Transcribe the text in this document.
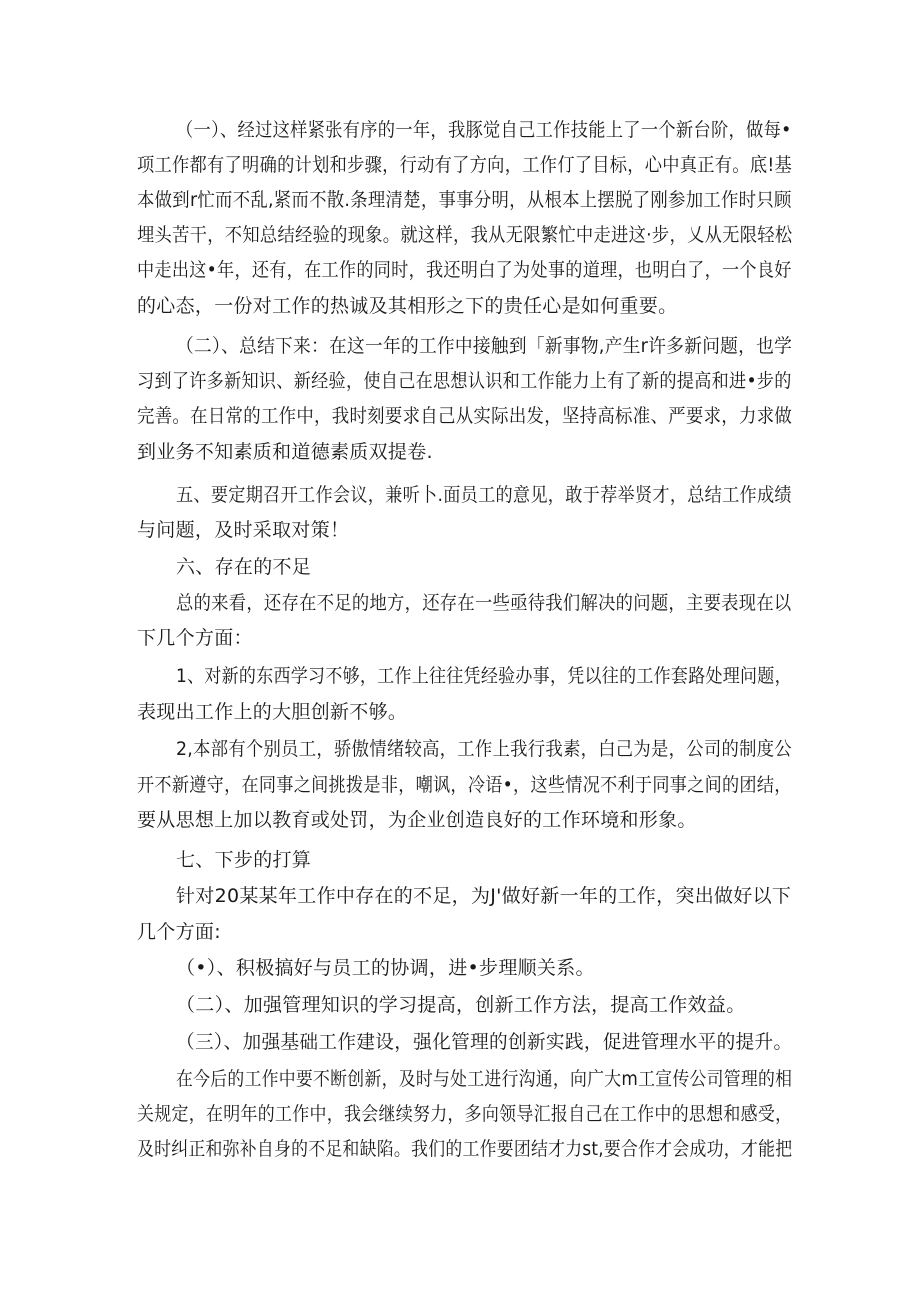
（一）、经过这样紧张有序的一年，我豚觉自己工作技能上了一个新台阶，做每•
项工作都有了明确的计划和步骤，行动有了方向，工作仃了目标，心中真正有。底!基
本做到r忙而不乱,紧而不散.条理清楚，事事分明，从根本上摆脱了刚参加工作时只顾
埋头苦干，不知总结经验的现象。就这样，我从无限繁忙中走进这·步，乂从无限轻松
中走出这•年，还有，在工作的同时，我还明白了为处事的道理，也明白了，一个良好
的心态，一份对工作的热诚及其相形之下的贵任心是如何重要。
（二）、总结下来：在这一年的工作中接触到「新事物,产生r许多新问题，也学
习到了许多新知识、新经验，使自己在思想认识和工作能力上有了新的提高和进•步的
完善。在日常的工作中，我时刻要求自己从实际出发，坚持高标准、严要求，力求做
到业务不知素质和道德素质双提卷.
五、要定期召开工作会议，兼听卜.面员工的意见，敢于荐举贤才，总结工作成绩
与问题，及时采取对策！
六、存在的不足
总的来看，还存在不足的地方，还存在一些亟待我们解决的问题，主要表现在以
下几个方面：
1、对新的东西学习不够，工作上往往凭经验办事，凭以往的工作套路处理问题，
表现出工作上的大胆创新不够。
2,本部有个别员工，骄傲情绪较高，工作上我行我素，白己为是，公司的制度公
开不新遵守，在同事之间挑拨是非，嘲讽，冷语•，这些情况不利于同事之间的团结，
要从思想上加以教育或处罚，为企业创造良好的工作环境和形象。
七、下步的打算
针对20某某年工作中存在的不足，为J'做好新一年的工作，突出做好以下
几个方面:
（•）、积极搞好与员工的协调，进•步理顺关系。
（二）、加强管理知识的学习提高，创新工作方法，提高工作效益。
（三）、加强基础工作建设，强化管理的创新实践，促进管理水平的提升。
在今后的工作中要不断创新，及时与处工进行沟通，向广大m工宣传公司管理的相
关规定，在明年的工作中，我会继续努力，多向领导汇报自己在工作中的思想和感受，
及时纠正和弥补自身的不足和缺陷。我们的工作要团结才力st,要合作才会成功，才能把
